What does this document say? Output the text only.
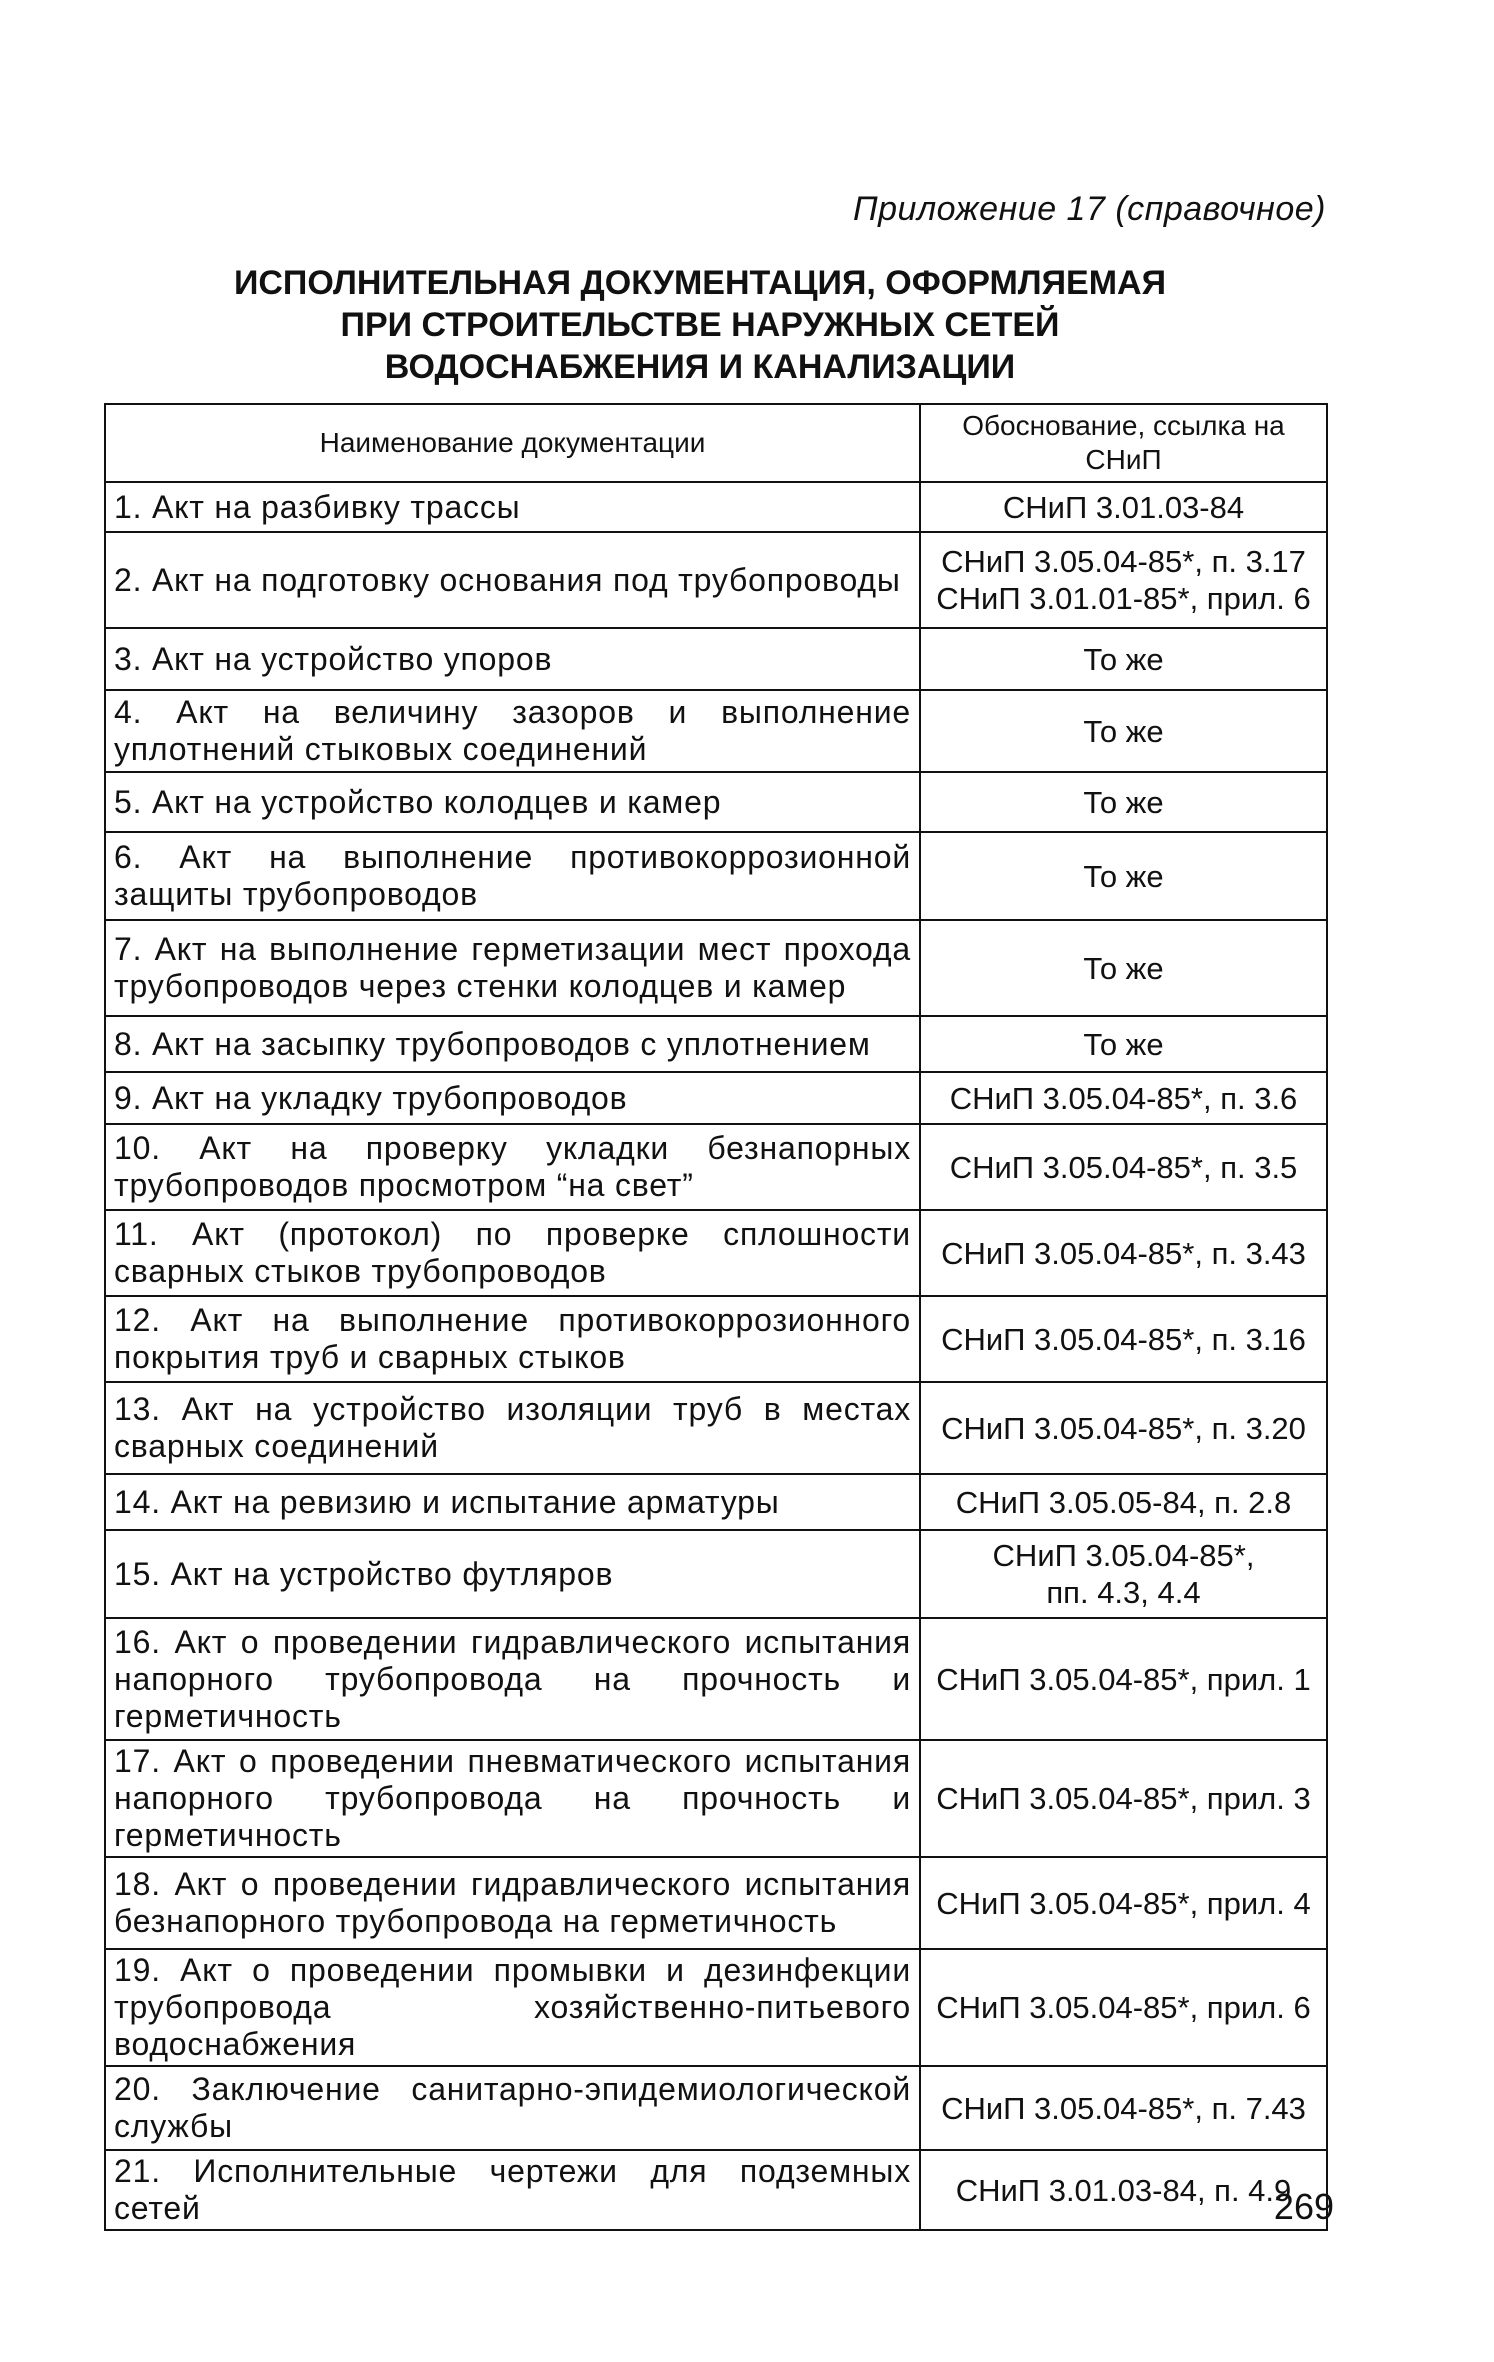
Приложение 17 (справочное)
ИСПОЛНИТЕЛЬНАЯ ДОКУМЕНТАЦИЯ, ОФОРМЛЯЕМАЯ ПРИ СТРОИТЕЛЬСТВЕ НАРУЖНЫХ СЕТЕЙ ВОДОСНАБЖЕНИЯ И КАНАЛИЗАЦИИ
Наименование документации	Обоснование, ссылка на СНиП
1. Акт на разбивку трассы	СНиП 3.01.03-84
2. Акт на подготовку основания под трубопроводы	СНиП 3.05.04-85*, п. 3.17
СНиП 3.01.01-85*, прил. 6
3. Акт на устройство упоров	То же
4. Акт на величину зазоров и выполнение уплотнений стыковых соединений	То же
5. Акт на устройство колодцев и камер	То же
6. Акт на выполнение противокоррозионной защиты трубопроводов	То же
7. Акт на выполнение герметизации мест прохода трубопроводов через стенки колодцев и камер	То же
8. Акт на засыпку трубопроводов с уплотнением	То же
9. Акт на укладку трубопроводов	СНиП 3.05.04-85*, п. 3.6
10. Акт на проверку укладки безнапорных трубопроводов просмотром “на свет”	СНиП 3.05.04-85*, п. 3.5
11. Акт (протокол) по проверке сплошности сварных стыков трубопроводов	СНиП 3.05.04-85*, п. 3.43
12. Акт на выполнение противокоррозионного покрытия труб и сварных стыков	СНиП 3.05.04-85*, п. 3.16
13. Акт на устройство изоляции труб в местах сварных соединений	СНиП 3.05.04-85*, п. 3.20
14. Акт на ревизию и испытание арматуры	СНиП 3.05.05-84, п. 2.8
15. Акт на устройство футляров	СНиП 3.05.04-85*,
пп. 4.3, 4.4
16. Акт о проведении гидравлического испытания напорного трубопровода на прочность и герметичность	СНиП 3.05.04-85*, прил. 1
17. Акт о проведении пневматического испытания напорного трубопровода на прочность и герметичность	СНиП 3.05.04-85*, прил. 3
18. Акт о проведении гидравлического испытания безнапорного трубопровода на герметичность	СНиП 3.05.04-85*, прил. 4
19. Акт о проведении промывки и дезинфекции трубопровода хозяйственно-питьевого водоснабжения	СНиП 3.05.04-85*, прил. 6
20. Заключение санитарно-эпидемиологической службы	СНиП 3.05.04-85*, п. 7.43
21. Исполнительные чертежи для подземных сетей	СНиП 3.01.03-84, п. 4.9
269
